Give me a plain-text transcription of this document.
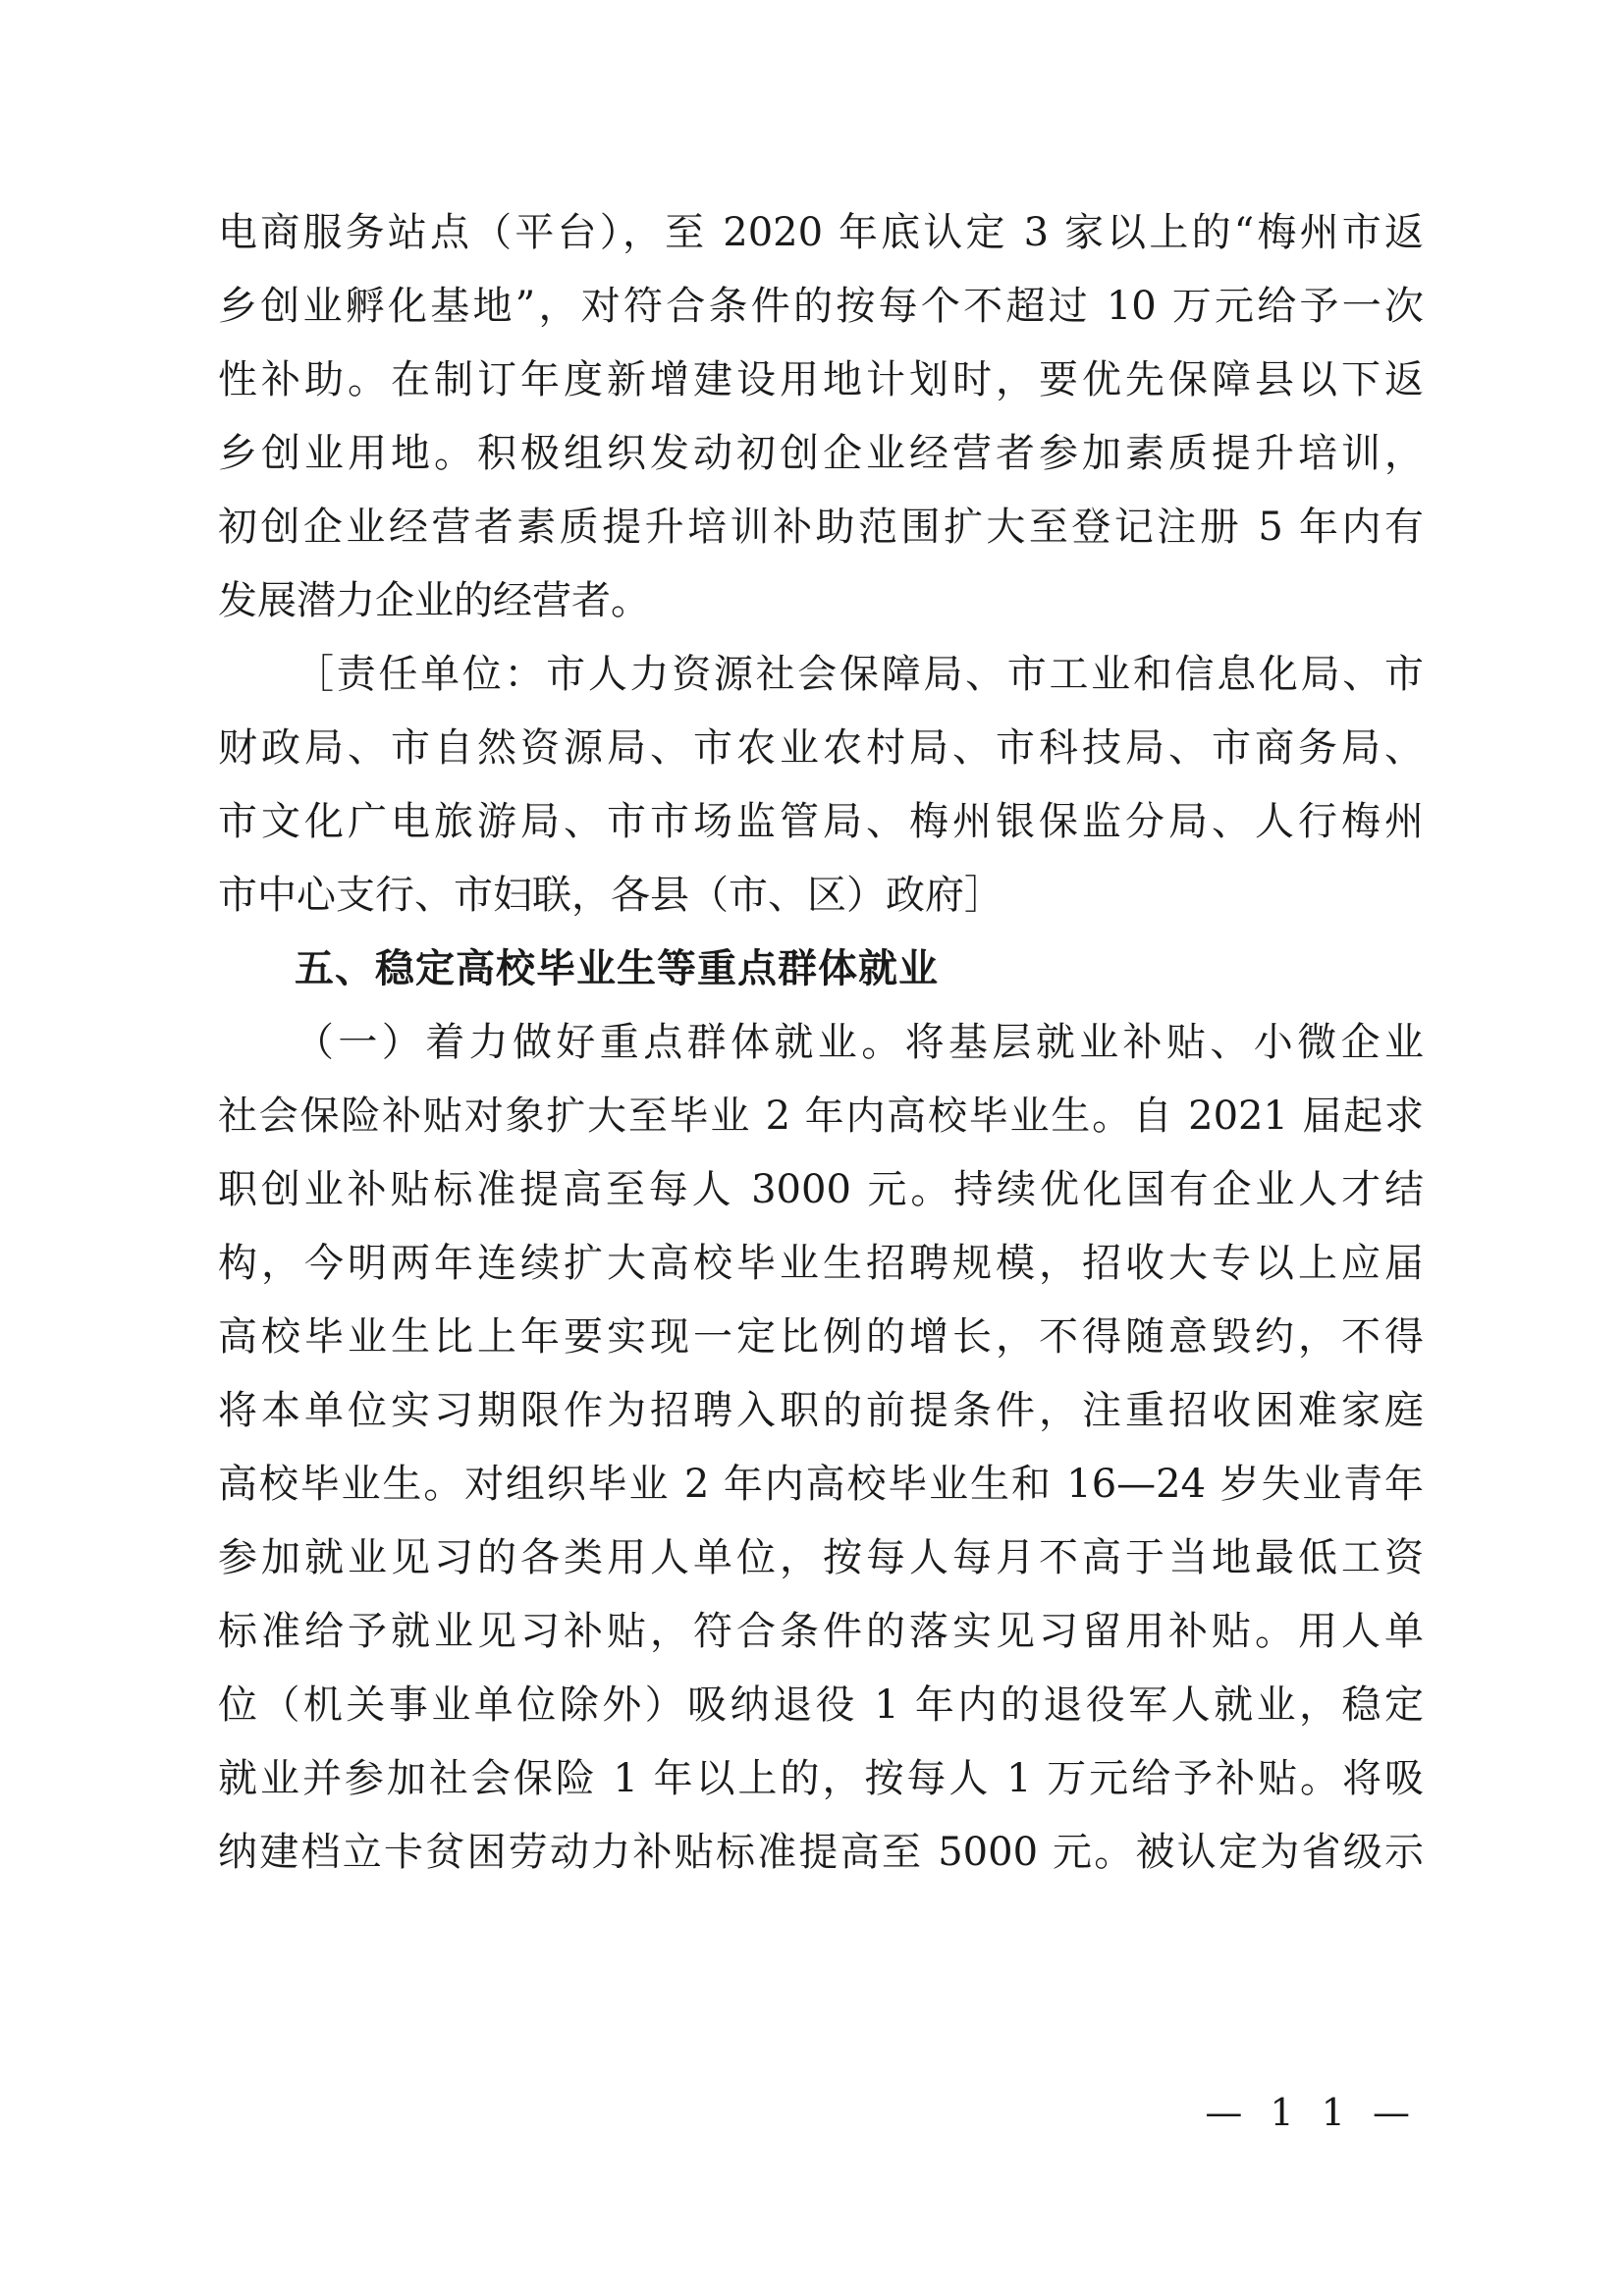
电商服务站点（平台），至 2020 年底认定 3 家以上的“梅州市返
乡创业孵化基地”，对符合条件的按每个不超过 10 万元给予一次
性补助。在制订年度新增建设用地计划时，要优先保障县以下返
乡创业用地。积极组织发动初创企业经营者参加素质提升培训，
初创企业经营者素质提升培训补助范围扩大至登记注册 5 年内有
发展潜力企业的经营者。
［责任单位：市人力资源社会保障局、市工业和信息化局、市
财政局、市自然资源局、市农业农村局、市科技局、市商务局、
市文化广电旅游局、市市场监管局、梅州银保监分局、人行梅州
市中心支行、市妇联，各县（市、区）政府］
五、稳定高校毕业生等重点群体就业
（一）着力做好重点群体就业。将基层就业补贴、小微企业
社会保险补贴对象扩大至毕业 2 年内高校毕业生。自 2021 届起求
职创业补贴标准提高至每人 3000 元。持续优化国有企业人才结
构，今明两年连续扩大高校毕业生招聘规模，招收大专以上应届
高校毕业生比上年要实现一定比例的增长，不得随意毁约，不得
将本单位实习期限作为招聘入职的前提条件，注重招收困难家庭
高校毕业生。对组织毕业 2 年内高校毕业生和 16—24 岁失业青年
参加就业见习的各类用人单位，按每人每月不高于当地最低工资
标准给予就业见习补贴，符合条件的落实见习留用补贴。用人单
位（机关事业单位除外）吸纳退役 1 年内的退役军人就业，稳定
就业并参加社会保险 1 年以上的，按每人 1 万元给予补贴。将吸
纳建档立卡贫困劳动力补贴标准提高至 5000 元。被认定为省级示
— 1 1 —
